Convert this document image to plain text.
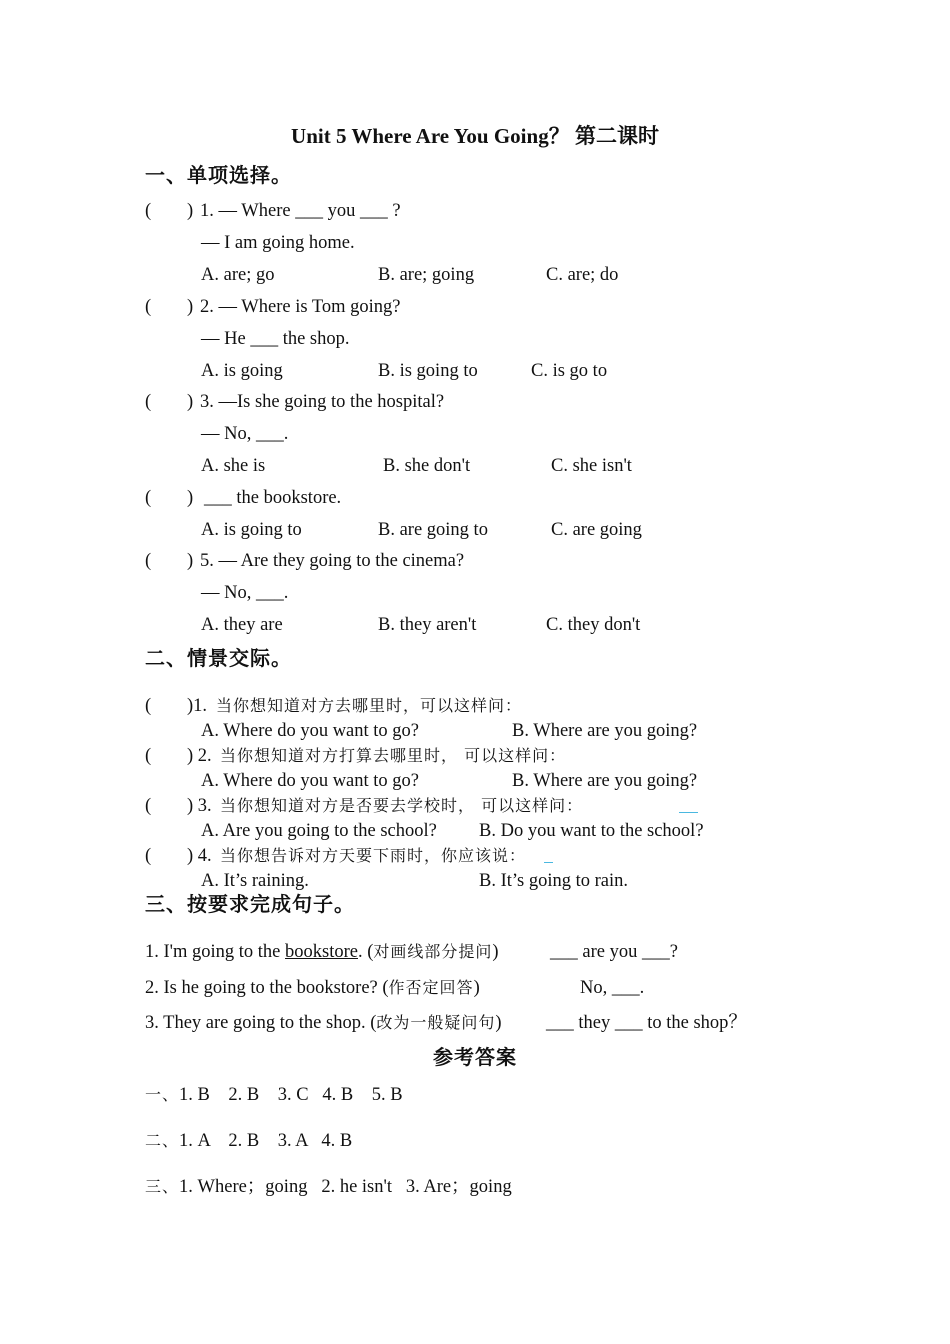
Unit 5 Where Are You Going？ 第二课时
一、单项选择。
( ) 1. — Where ___ you ___ ?
— I am going home.
A. are; go	B. are; going	C. are; do
( ) 2. — Where is Tom going?
— He ___ the shop.
A. is going	B. is going to	C. is go to
( ) 3. —Is she going to the hospital?
— No, ___.
A. she is	B. she don't	C. she isn't
( ) ___ the bookstore.
A. is going to	B. are going to	C. are going
( ) 5. — Are they going to the cinema?
— No, ___.
A. they are	B. they aren't	C. they don't
二、情景交际。
( )1. 当你想知道对方去哪里时，可以这样问：
A. Where do you want to go?	B. Where are you going?
( ) 2. 当你想知道对方打算去哪里时， 可以这样问：
A. Where do you want to go?	B. Where are you going?
( ) 3. 当你想知道对方是否要去学校时， 可以这样问：
A. Are you going to the school? B. Do you want to the school?
( ) 4. 当你想告诉对方天要下雨时，你应该说：
A. It’s raining.	B. It’s going to rain.
三、按要求完成句子。
1. I'm going to the bookstore. (对画线部分提问)	___ are you ___?
2. Is he going to the bookstore? (作否定回答)	No, ___.
3. They are going to the shop. (改为一般疑问句) ___ they ___ to the shop？
参考答案
一、1. B    2. B    3. C   4. B    5. B
二、1. A    2. B    3. A   4. B
三、1. Where；going   2. he isn't   3. Are；going
